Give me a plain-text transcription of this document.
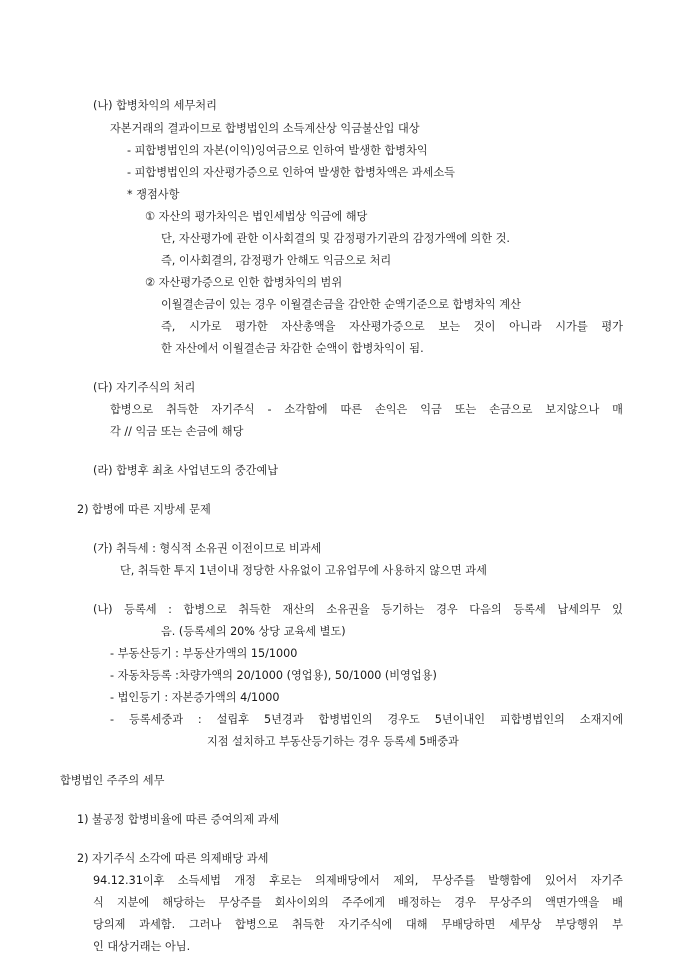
(나) 합병차익의 세무처리
자본거래의 결과이므로 합병법인의 소득계산상 익금불산입 대상
- 피합병법인의 자본(이익)잉여금으로 인하여 발생한 합병차익
- 피합병법인의 자산평가증으로 인하여 발생한 합병차액은 과세소득
* 쟁점사항
① 자산의 평가차익은 법인세법상 익금에 해당
단, 자산평가에 관한 이사회결의 및 감정평가기관의 감정가액에 의한 것.
즉, 이사회결의, 감정평가 안해도 익금으로 처리
② 자산평가증으로 인한 합병차익의 범위
이월결손금이 있는 경우 이월결손금을 감안한 순액기준으로 합병차익 계산
즉, 시가로 평가한 자산총액을 자산평가증으로 보는 것이 아니라 시가를 평가
한 자산에서 이월결손금 차감한 순액이 합병차익이 됨.
(다) 자기주식의 처리
합병으로 취득한 자기주식 - 소각함에 따른 손익은 익금 또는 손금으로 보지않으나 매
각 // 익금 또는 손금에 해당
(라) 합병후 최초 사업년도의 중간예납
2) 합병에 따른 지방세 문제
(가) 취득세 : 형식적 소유권 이전이므로 비과세
단, 취득한 투지 1년이내 정당한 사유없이 고유업무에 사용하지 않으면 과세
(나) 등록세 : 합병으로 취득한 재산의 소유권을 등기하는 경우 다음의 등록세 납세의무 있
음. (등록세의 20% 상당 교육세 별도)
- 부동산등기 : 부동산가액의 15/1000
- 자동차등록 :차량가액의 20/1000 (영업용), 50/1000 (비영업용)
- 법인등기 : 자본증가액의 4/1000
- 등록세중과 : 설립후 5년경과 합병법인의 경우도 5년이내인 피합병법인의 소재지에
지점 설치하고 부동산등기하는 경우 등록세 5배중과
합병법인 주주의 세무
1) 불공정 합병비율에 따른 증여의제 과세
2) 자기주식 소각에 따른 의제배당 과세
94.12.31이후 소득세법 개정 후로는 의제배당에서 제외, 무상주를 발행함에 있어서 자기주
식 지분에 해당하는 무상주를 회사이외의 주주에게 배정하는 경우 무상주의 액면가액을 배
당의제 과세함. 그러나 합병으로 취득한 자기주식에 대해 무배당하면 세무상 부당행위 부
인 대상거래는 아님.
